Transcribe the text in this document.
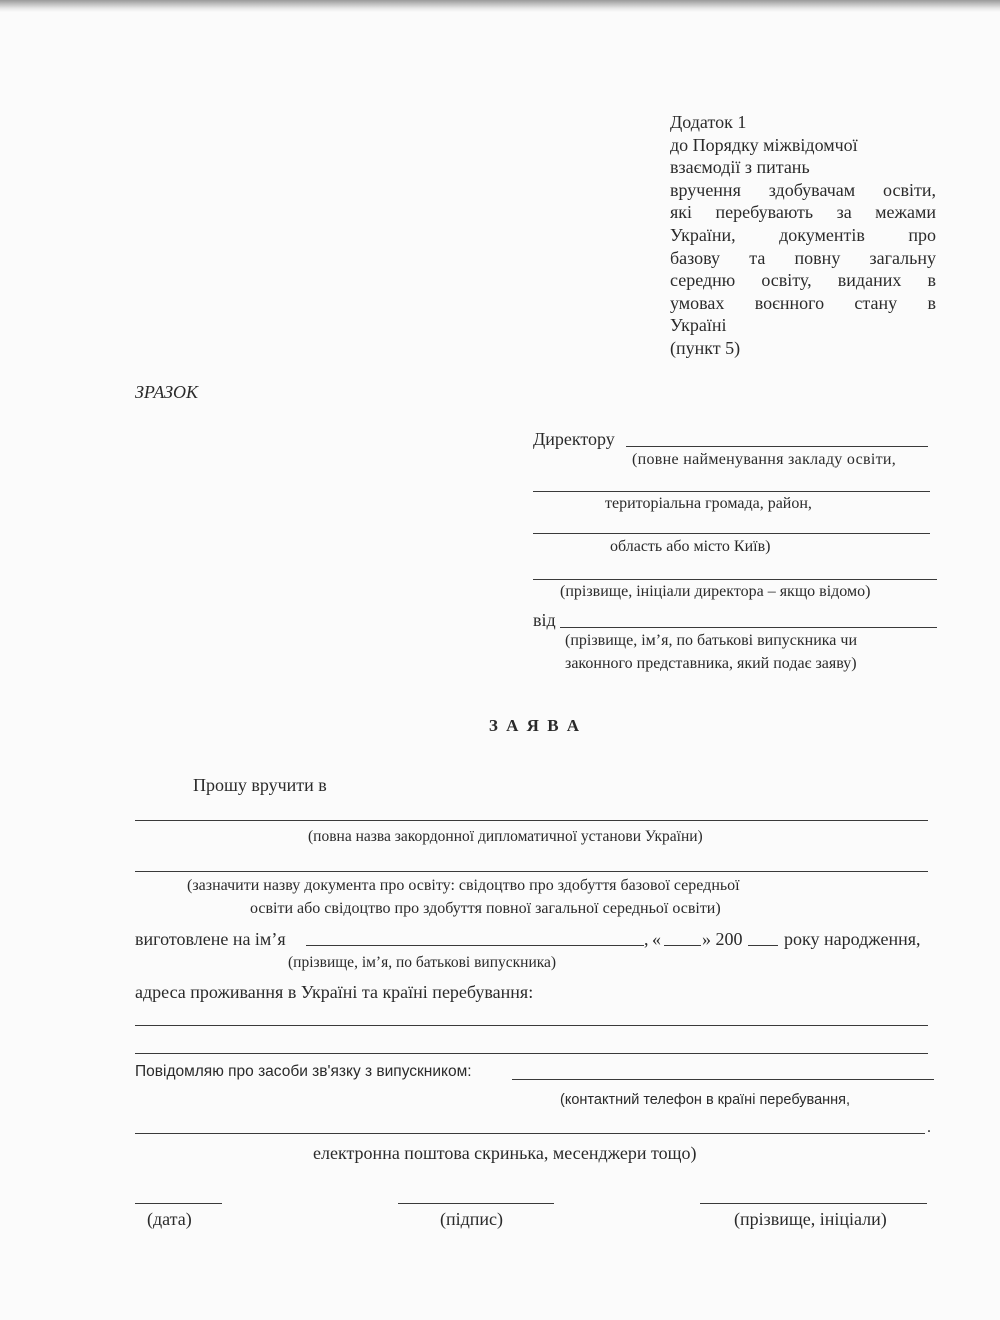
Додаток 1
до Порядку міжвідомчої
взаємодії з питань
вручення здобувачам освіти,
які перебувають за межами
України, документів про
базову та повну загальну
середню освіту, виданих в
умовах воєнного стану в
Україні
(пункт 5)
ЗРАЗОК
Директору
(повне найменування закладу освіти,
територіальна громада, район,
область або місто Київ)
(прізвище, ініціали директора – якщо відомо)
від
(прізвище, ім’я, по батькові випускника чи
законного представника, який подає заяву)
З А Я В А
Прошу вручити в
(повна назва закордонної дипломатичної установи України)
(зазначити назву документа про освіту: свідоцтво про здобуття базової середньої
освіти або свідоцтво про здобуття повної загальної середньої освіти)
виготовлене на ім’я	, « » 200 року народження,
(прізвище, ім’я, по батькові випускника)
адреса проживання в Україні та країні перебування:
Повідомляю про засоби зв'язку з випускником:
(контактний телефон в країні перебування,
.
електронна поштова скринька, месенджери тощо)
(дата)	(підпис)	(прізвище, ініціали)
